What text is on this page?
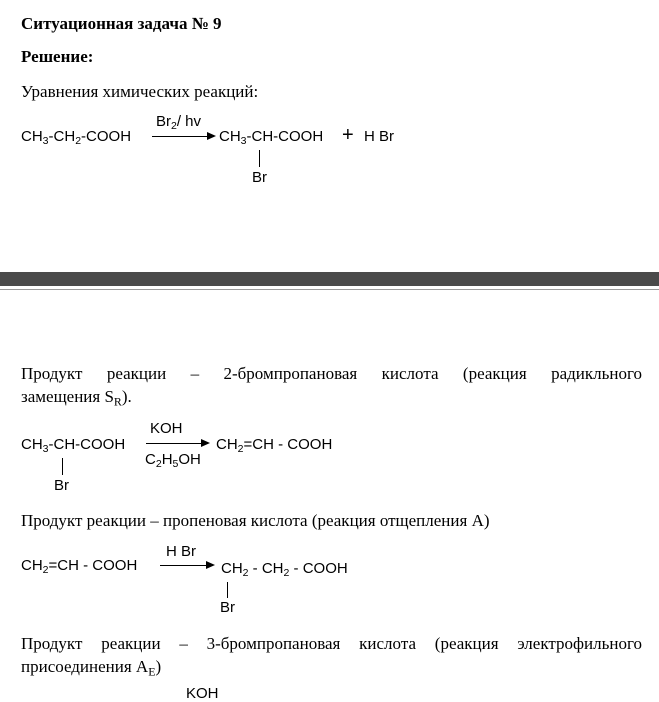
Ситуационная задача № 9
Решение:
Уравнения химических реакций:
$CH_3-CH_2$-COOH
$Br_2/$ hv
$CH_3-CH$-COOH + H Br
Br
Продукт реакции – 2-бромпропановая кислота (реакция радикльного
замещения $S_R$).
$CH_3-CH$-COOH
Br
KOH
$C_2H_5OH$
$CH_2=CH$ - COOH
Продукт реакции – пропеновая кислота (реакция отщепления А)
$CH_2=CH$ - COOH
H Br
$CH_2 - CH_2$ - COOH
Br
Продукт реакции – 3-бромпропановая кислота (реакция электрофильного
присоединения $A_E$)
KOH
